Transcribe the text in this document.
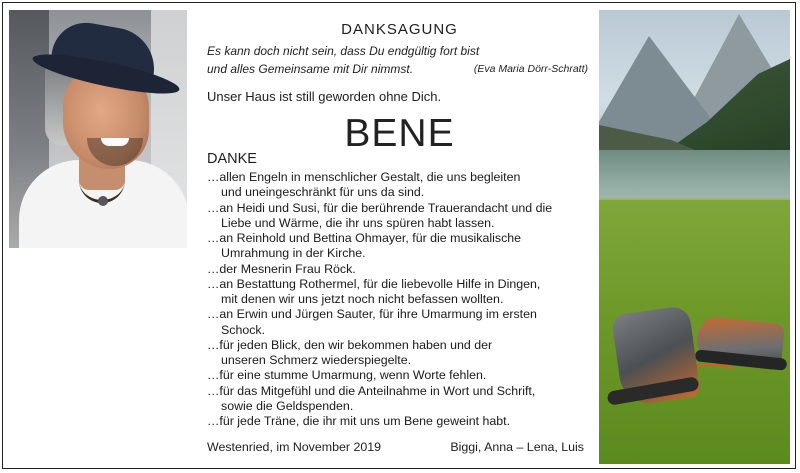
DANKSAGUNG
Es kann doch nicht sein, dass Du endgültig fort bist
und alles Gemeinsame mit Dir nimmst.	(Eva Maria Dörr-Schratt)
Unser Haus ist still geworden ohne Dich.
BENE
DANKE
…allen Engeln in menschlicher Gestalt, die uns begleiten
und uneingeschränkt für uns da sind.
…an Heidi und Susi, für die berührende Trauerandacht und die
Liebe und Wärme, die ihr uns spüren habt lassen.
…an Reinhold und Bettina Ohmayer, für die musikalische
Umrahmung in der Kirche.
…der Mesnerin Frau Röck.
…an Bestattung Rothermel, für die liebevolle Hilfe in Dingen,
mit denen wir uns jetzt noch nicht befassen wollten.
…an Erwin und Jürgen Sauter, für ihre Umarmung im ersten
Schock.
…für jeden Blick, den wir bekommen haben und der
unseren Schmerz wiederspiegelte.
…für eine stumme Umarmung, wenn Worte fehlen.
…für das Mitgefühl und die Anteilnahme in Wort und Schrift,
sowie die Geldspenden.
…für jede Träne, die ihr mit uns um Bene geweint habt.
Westenried, im November 2019	Biggi, Anna – Lena, Luis
